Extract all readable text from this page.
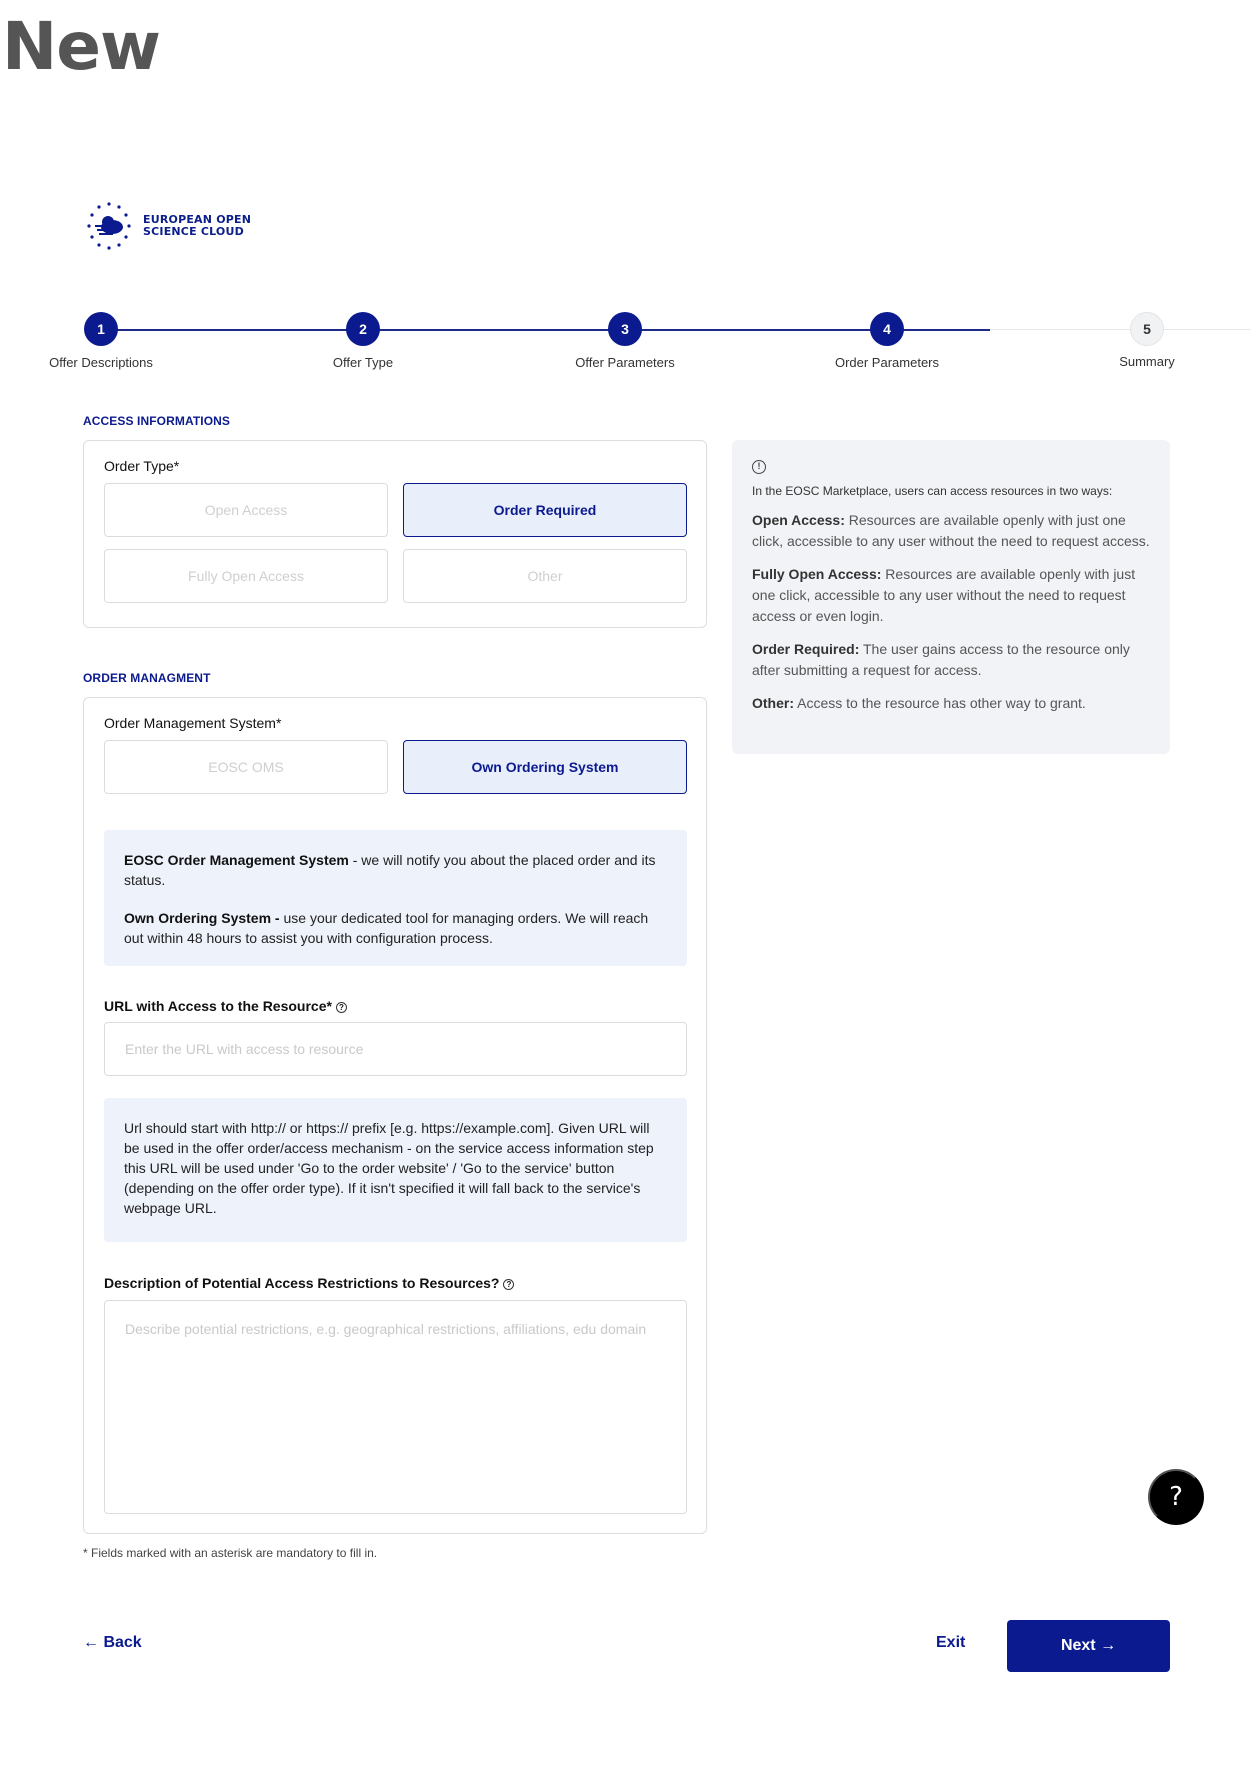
New
EUROPEAN OPEN
SCIENCE CLOUD
1
Offer Descriptions
2
Offer Type
3
Offer Parameters
4
Order Parameters
5
Summary
ACCESS INFORMATIONS
Order Type*
Open Access	Order Required
Fully Open Access	Other
ORDER MANAGMENT
Order Management System*
EOSC OMS	Own Ordering System
EOSC Order Management System - we will notify you about the placed order and its status.
Own Ordering System - use your dedicated tool for managing orders. We will reach out within 48 hours to assist you with configuration process.
URL with Access to the Resource* ?
Enter the URL with access to resource
Url should start with http:// or https:// prefix [e.g. https://example.com]. Given URL will be used in the offer order/access mechanism - on the service access information step this URL will be used under 'Go to the order website' / 'Go to the service' button (depending on the offer order type). If it isn't specified it will fall back to the service's webpage URL.
Description of Potential Access Restrictions to Resources? ?
Describe potential restrictions, e.g. geographical restrictions, affiliations, edu domain
!
In the EOSC Marketplace, users can access resources in two ways:

Open Access: Resources are available openly with just one click, accessible to any user without the need to request access.

Fully Open Access: Resources are available openly with just one click, accessible to any user without the need to request access or even login.

Order Required: The user gains access to the resource only after submitting a request for access.

Other: Access to the resource has other way to grant.

?
* Fields marked with an asterisk are mandatory to fill in.
← Back	Exit	Next →
